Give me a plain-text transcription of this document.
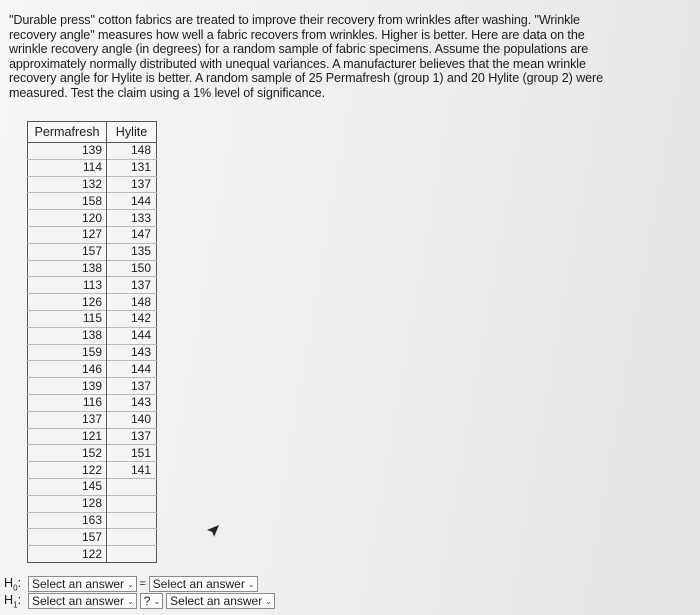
"Durable press" cotton fabrics are treated to improve their recovery from wrinkles after washing. "Wrinkle recovery angle" measures how well a fabric recovers from wrinkles. Higher is better. Here are data on the wrinkle recovery angle (in degrees) for a random sample of fabric specimens. Assume the populations are approximately normally distributed with unequal variances. A manufacturer believes that the mean wrinkle recovery angle for Hylite is better. A random sample of 25 Permafresh (group 1) and 20 Hylite (group 2) were measured. Test the claim using a 1% level of significance.

Permafresh	Hylite
139	148
114	131
132	137
158	144
120	133
127	147
157	135
138	150
113	137
126	148
115	142
138	144
159	143
146	144
139	137
116	143
137	140
121	137
152	151
122	141
145	
128	
163	
157	
122	
$H_0$: Select an answer ⌄ = Select an answer ⌄
$H_1$: Select an answer ⌄ ? ⌄ Select an answer ⌄
